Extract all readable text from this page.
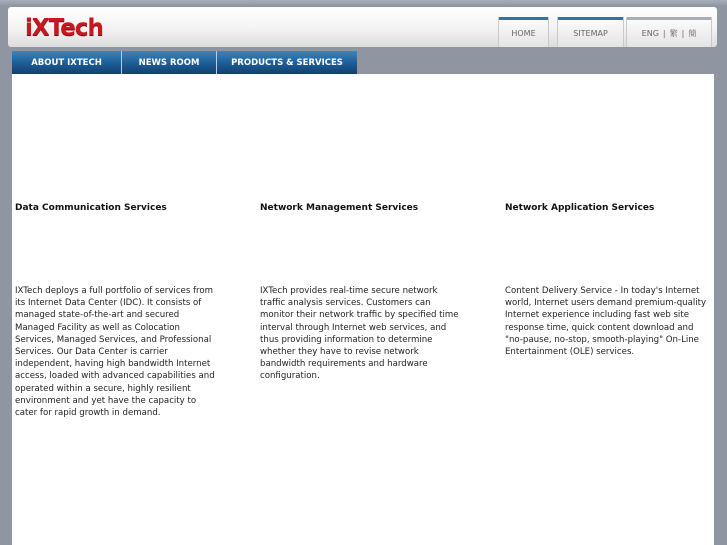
iXTech	HOME	SITEMAP	ENG | 繁 | 簡
ABOUT IXTECH	NEWS ROOM	PRODUCTS & SERVICES
Data Communication Services
IXTech deploys a full portfolio of services from its Internet Data Center (IDC). It consists of managed state-of-the-art and secured Managed Facility as well as Colocation Services, Managed Services, and Professional Services. Our Data Center is carrier independent, having high bandwidth Internet access, loaded with advanced capabilities and operated within a secure, highly resilient environment and yet have the capacity to cater for rapid growth in demand.
Network Management Services
IXTech provides real-time secure network traffic analysis services. Customers can monitor their network traffic by specified time interval through Internet web services, and thus providing information to determine whether they have to revise network bandwidth requirements and hardware configuration.
Network Application Services
Content Delivery Service - In today's Internet world, Internet users demand premium-quality Internet experience including fast web site response time, quick content download and "no-pause, no-stop, smooth-playing" On-Line Entertainment (OLE) services.
